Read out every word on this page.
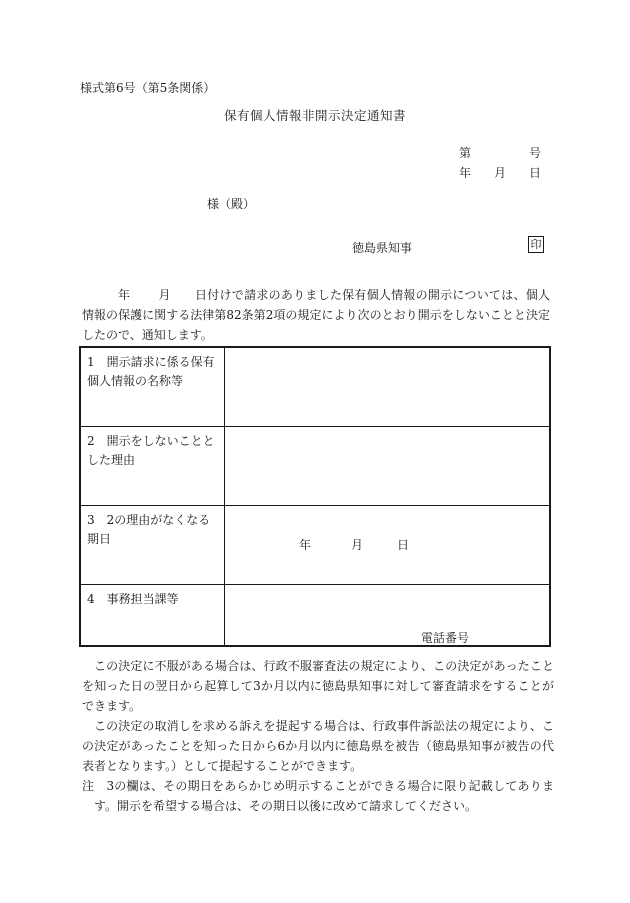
様式第6号（第5条関係）
保有個人情報非開示決定通知書
第	号
年 月 日
様（殿）
徳島県知事	印
年 月 日付けで請求のありました保有個人情報の開示については、個人情報の保護に関する法律第82条第2項の規定により次のとおり開示をしないことと決定したので、通知します。
1　開示請求に係る保有個人情報の名称等	

2　開示をしないこととした理由	

3　2の理由がなくなる期日	年 月 日

4　事務担当課等	電話番号

この決定に不服がある場合は、行政不服審査法の規定により、この決定があったことを知った日の翌日から起算して3か月以内に徳島県知事に対して審査請求をすることができます。

この決定の取消しを求める訴えを提起する場合は、行政事件訴訟法の規定により、この決定があったことを知った日から6か月以内に徳島県を被告（徳島県知事が被告の代表者となります。）として提起することができます。

注　3の欄は、その期日をあらかじめ明示することができる場合に限り記載してあります。開示を希望する場合は、その期日以後に改めて請求してください。
